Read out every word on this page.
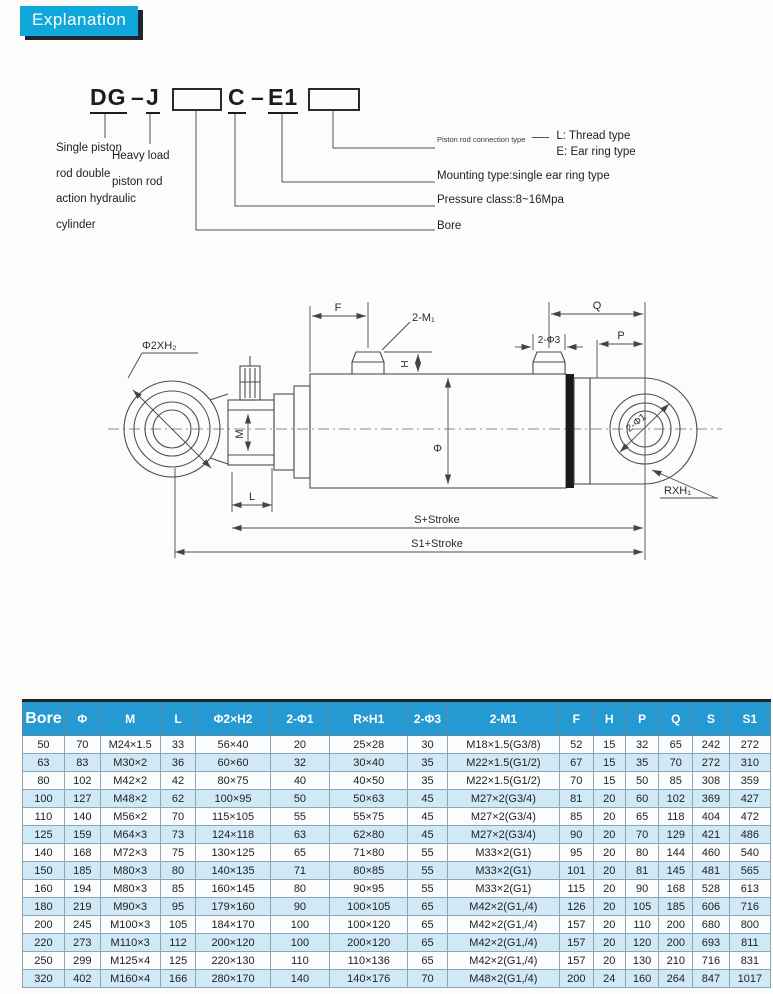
Explanation
DG – J	C – E1
Single piston
rod double
action hydraulic
cylinder
Heavy load
piston rod
Piston rod connection type	L: Thread type
E: Ear ring type
Mounting type:single ear ring type
Pressure class:8~16Mpa
Bore
F
2-M₁
Q
2-Φ3	P
Φ2XH₂
M
H
Φ
2-Φ1
RXH₁
L
S+Stroke
S1+Stroke
Bore	Φ	M	L	Φ2×H2	2-Φ1	R×H1	2-Φ3	2-M1	F	H	P	Q	S	S1
50	70	M24×1.5	33	56×40	20	25×28	30	M18×1.5(G3/8)	52	15	32	65	242	272
63	83	M30×2	36	60×60	32	30×40	35	M22×1.5(G1/2)	67	15	35	70	272	310
80	102	M42×2	42	80×75	40	40×50	35	M22×1.5(G1/2)	70	15	50	85	308	359
100	127	M48×2	62	100×95	50	50×63	45	M27×2(G3/4)	81	20	60	102	369	427
110	140	M56×2	70	115×105	55	55×75	45	M27×2(G3/4)	85	20	65	118	404	472
125	159	M64×3	73	124×118	63	62×80	45	M27×2(G3/4)	90	20	70	129	421	486
140	168	M72×3	75	130×125	65	71×80	55	M33×2(G1)	95	20	80	144	460	540
150	185	M80×3	80	140×135	71	80×85	55	M33×2(G1)	101	20	81	145	481	565
160	194	M80×3	85	160×145	80	90×95	55	M33×2(G1)	115	20	90	168	528	613
180	219	M90×3	95	179×160	90	100×105	65	M42×2(G1,/4)	126	20	105	185	606	716
200	245	M100×3	105	184×170	100	100×120	65	M42×2(G1,/4)	157	20	110	200	680	800
220	273	M110×3	112	200×120	100	200×120	65	M42×2(G1,/4)	157	20	120	200	693	811
250	299	M125×4	125	220×130	110	110×136	65	M42×2(G1,/4)	157	20	130	210	716	831
320	402	M160×4	166	280×170	140	140×176	70	M48×2(G1,/4)	200	24	160	264	847	1017
